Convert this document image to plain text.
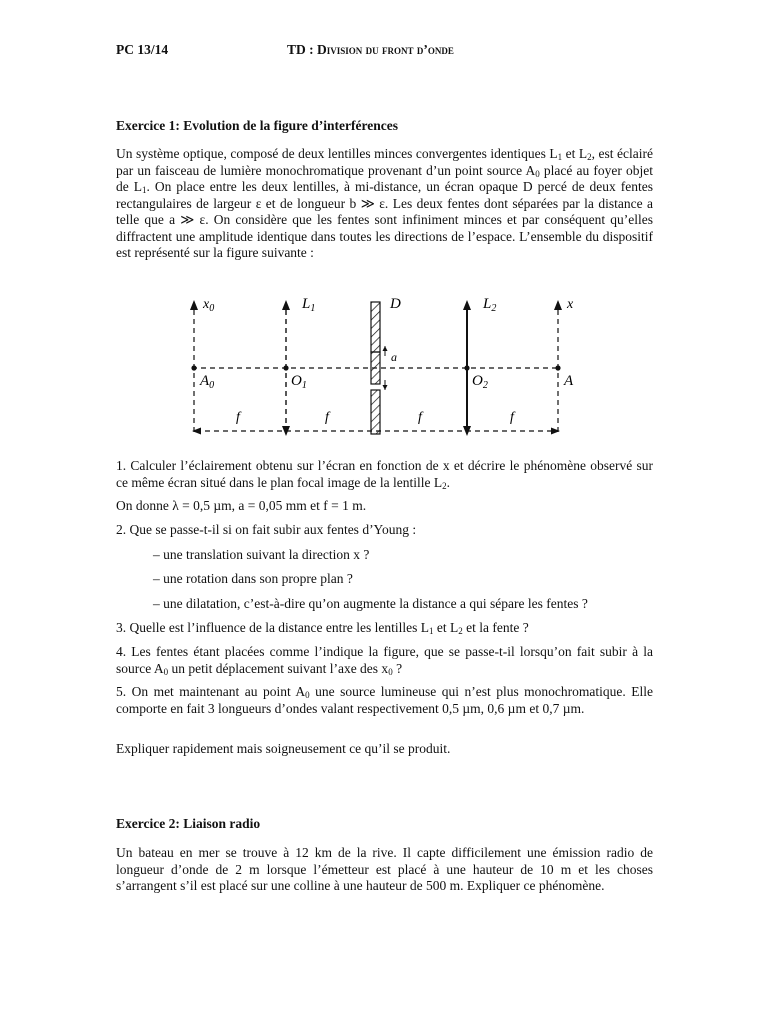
PC 13/14	TD : Division du front d’onde
Exercice 1: Evolution de la figure d’interférences
Un système optique, composé de deux lentilles minces convergentes identiques $L_1$ et $L_2$, est éclairé par un faisceau de lumière monochromatique provenant d’un point source $A_0$ placé au foyer objet de $L_1$. On place entre les deux lentilles, à mi-distance, un écran opaque D percé de deux fentes rectangulaires de largeur ε et de longueur b ≫ ε. Les deux fentes dont séparées par la distance a telle que a ≫ ε. On considère que les fentes sont infiniment minces et par conséquent qu’elles diffractent une amplitude identique dans toutes les directions de l’espace. L’ensemble du dispositif est représenté sur la figure suivante :
$x_0$	$L_1$	D
a
$L_2$	x
$A_0$	$O_1$	$O_2$	A
f	f	f	f
1. Calculer l’éclairement obtenu sur l’écran en fonction de x et décrire le phénomène observé sur ce même écran situé dans le plan focal image de la lentille $L_2$.
On donne λ = 0,5 µm, a = 0,05 mm et f = 1 m.
2. Que se passe-t-il si on fait subir aux fentes d’Young :
– une translation suivant la direction x ?
– une rotation dans son propre plan ?
– une dilatation, c’est-à-dire qu’on augmente la distance a qui sépare les fentes ?
3. Quelle est l’influence de la distance entre les lentilles $L_1$ et $L_2$ et la fente ?
4. Les fentes étant placées comme l’indique la figure, que se passe-t-il lorsqu’on fait subir à la source $A_0$ un petit déplacement suivant l’axe des $x_0$ ?
5. On met maintenant au point $A_0$ une source lumineuse qui n’est plus monochromatique. Elle comporte en fait 3 longueurs d’ondes valant respectivement 0,5 µm, 0,6 µm et 0,7 µm.
Expliquer rapidement mais soigneusement ce qu’il se produit.
Exercice 2: Liaison radio
Un bateau en mer se trouve à 12 km de la rive. Il capte difficilement une émission radio de longueur d’onde de 2 m lorsque l’émetteur est placé à une hauteur de 10 m et les choses s’arrangent s’il est placé sur une colline à une hauteur de 500 m. Expliquer ce phénomène.
